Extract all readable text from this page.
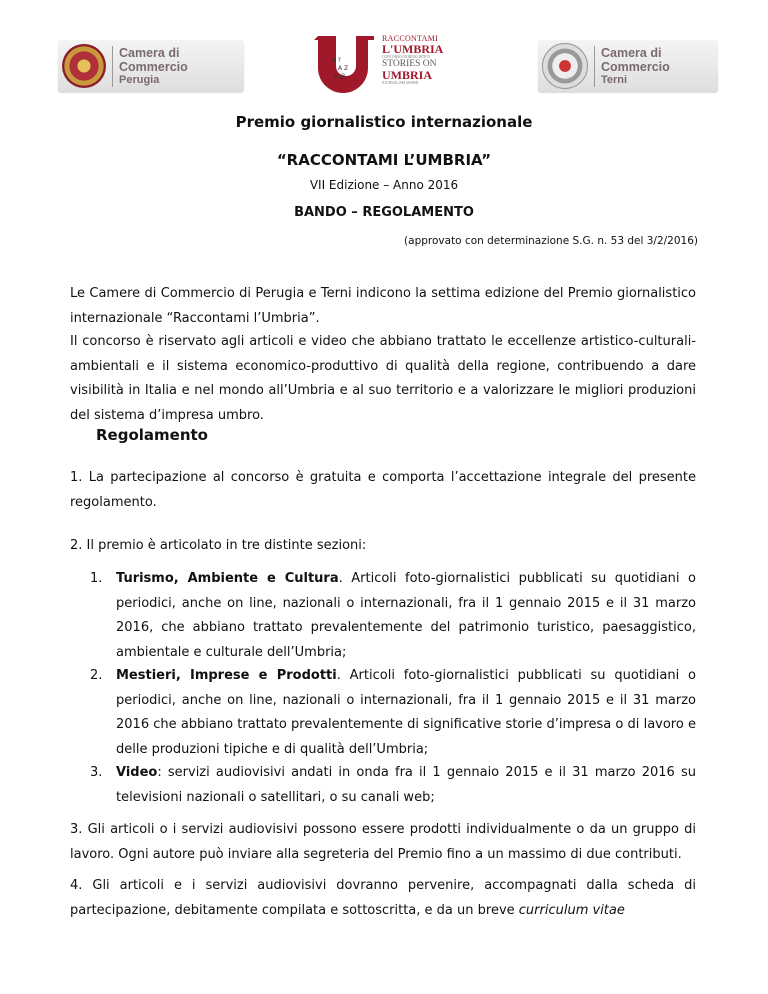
Camera di Commercio
Perugia
4 ?
A Z
x @
RACCONTAMI
L'UMBRIA
CONCORSO GIORNALISTICO
STORIES ON
UMBRIA
JOURNALISM AWARD
Camera di Commercio
Terni
Premio giornalistico internazionale
“RACCONTAMI L’UMBRIA”
VII Edizione – Anno 2016
BANDO – REGOLAMENTO
(approvato con determinazione S.G. n. 53 del 3/2/2016)
Le Camere di Commercio di Perugia e Terni indicono la settima edizione del Premio giornalistico internazionale “Raccontami l’Umbria”.
Il concorso è riservato agli articoli e video che abbiano trattato le eccellenze artistico-culturali-ambientali e il sistema economico-produttivo di qualità della regione, contribuendo a dare visibilità in Italia e nel mondo all’Umbria e al suo territorio e a valorizzare le migliori produzioni del sistema d’impresa umbro.
Regolamento
1. La partecipazione al concorso è gratuita e comporta l’accettazione integrale del presente regolamento.
2. Il premio è articolato in tre distinte sezioni:
1. Turismo, Ambiente e Cultura. Articoli foto-giornalistici pubblicati su quotidiani o periodici, anche on line, nazionali o internazionali, fra il 1 gennaio 2015 e il 31 marzo 2016, che abbiano trattato prevalentemente del patrimonio turistico, paesaggistico, ambientale e culturale dell’Umbria;
2. Mestieri, Imprese e Prodotti. Articoli foto-giornalistici pubblicati su quotidiani o periodici, anche on line, nazionali o internazionali, fra il 1 gennaio 2015 e il 31 marzo 2016 che abbiano trattato prevalentemente di significative storie d’impresa o di lavoro e delle produzioni tipiche e di qualità dell’Umbria;
3. Video: servizi audiovisivi andati in onda fra il 1 gennaio 2015 e il 31 marzo 2016 su televisioni nazionali o satellitari, o su canali web;
3. Gli articoli o i servizi audiovisivi possono essere prodotti individualmente o da un gruppo di lavoro. Ogni autore può inviare alla segreteria del Premio fino a un massimo di due contributi.
4. Gli articoli e i servizi audiovisivi dovranno pervenire, accompagnati dalla scheda di partecipazione, debitamente compilata e sottoscritta, e da un breve curriculum vitae
